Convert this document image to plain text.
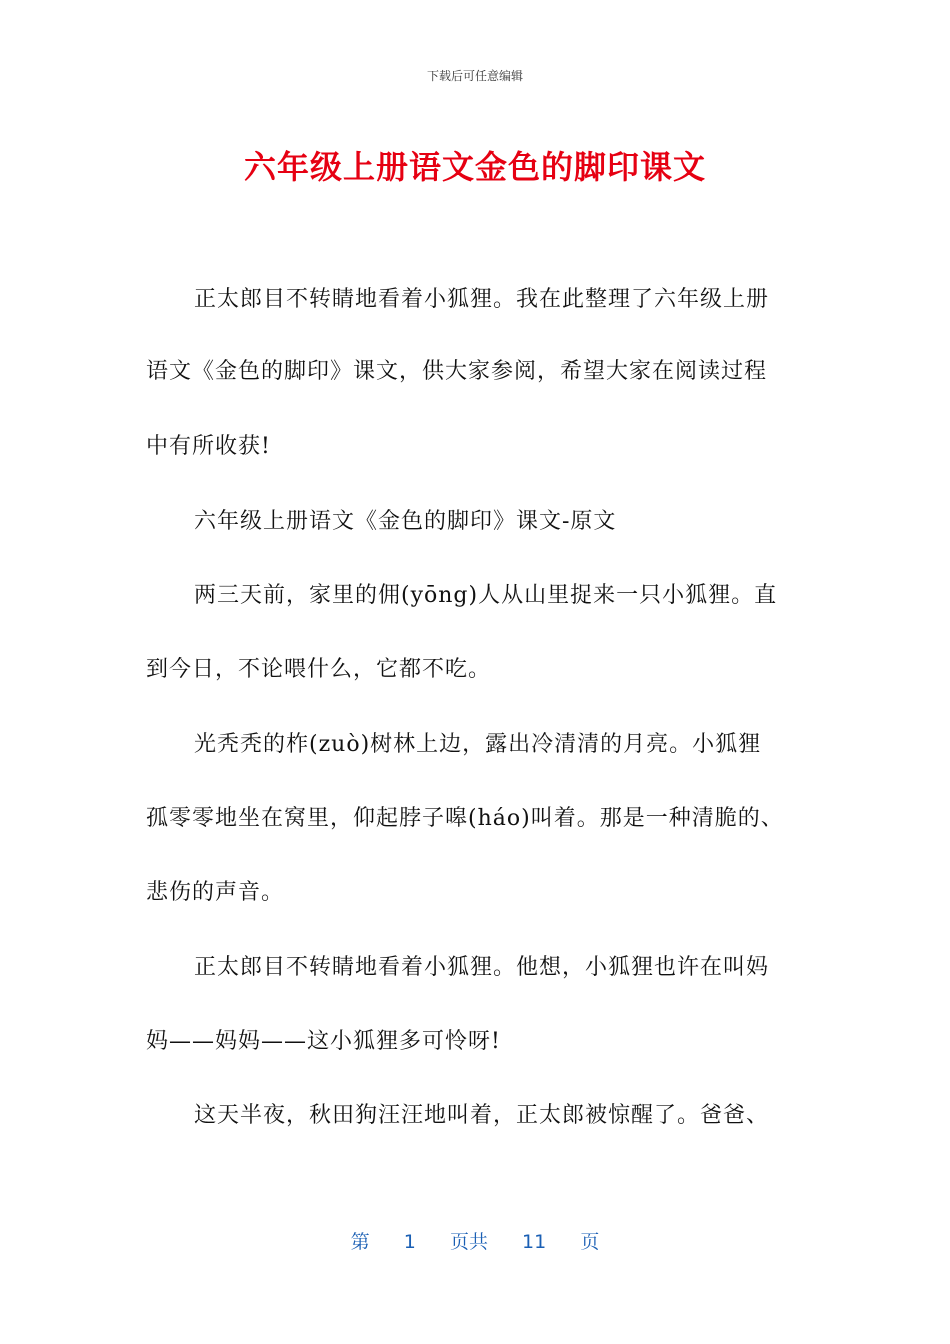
下载后可任意编辑
六年级上册语文金色的脚印课文
正太郎目不转睛地看着小狐狸。我在此整理了六年级上册
语文《金色的脚印》课文，供大家参阅，希望大家在阅读过程
中有所收获!
六年级上册语文《金色的脚印》课文-原文
两三天前，家里的佣(yōng)人从山里捉来一只小狐狸。直
到今日，不论喂什么，它都不吃。
光秃秃的柞(zuò)树林上边，露出冷清清的月亮。小狐狸
孤零零地坐在窝里，仰起脖子嗥(háo)叫着。那是一种清脆的、
悲伤的声音。
正太郎目不转睛地看着小狐狸。他想，小狐狸也许在叫妈
妈——妈妈——这小狐狸多可怜呀!
这天半夜，秋田狗汪汪地叫着，正太郎被惊醒了。爸爸、
第 1 页共 11 页
